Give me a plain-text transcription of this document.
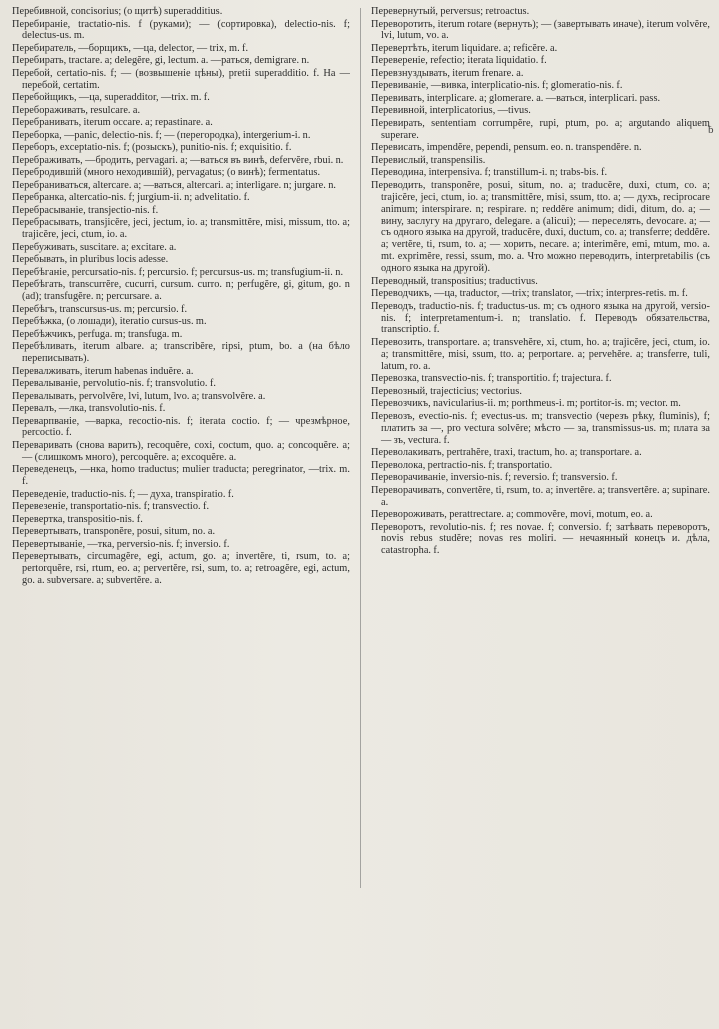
Перебивной, concisorius; (о щитѣ) superadditius.

Перебиранiе, tractatio-nis. f (руками); — (сортировка), delectio-nis. f; delectus-us. m.

Перебиратель, —борщикъ, —ца, delector, — trix, m. f.

Перебирать, tractare. a; delegĕre, gi, lectum. a. —раться, demigrare. n.

Перебой, certatio-nis. f; — (возвышенiе цѣны), pretii superadditio. f. На — перебой, certatim.

Перебойщикъ, —ца, superadditor, —trix. m. f.

Перебораживать, resulcare. a.

Перебранивать, iterum occare. a; repastinare. a.

Переборка, —panic, delectio-nis. f; — (перегородка), intergerium-i. n.

Переборъ, exceptatio-nis. f; (розыскъ), punitio-nis. f; exquisitio. f.

Перебраживать, —бродить, pervagari. a; —ваться въ винѣ, defervĕre, rbui. n.

Перебродившiй (много неходившiй), pervagatus; (о винѣ); fermentatus.

Перебраниваться, altercare. a; —ваться, altercari. a; interligare. n; jurgare. n.

Перебранка, altercatio-nis. f; jurgium-ii. n; advelitatio. f.

Перебрасыванiе, transjectio-nis. f.

Перебрасывать, transjicĕre, jeci, jectum, io. a; transmittĕre, misi, missum, tto. a; trajicĕre, jeci, ctum, io. a.

Перебуживать, suscitare. a; excitare. a.

Перебывать, in pluribus locis adesse.

Перебѣганiе, percursatio-nis. f; percursio. f; percursus-us. m; transfugium-ii. n.

Перебѣгать, transcurrĕre, cucurri, cursum. curro. n; perfugĕre, gi, gitum, go. n (ad); transfugĕre. n; percursare. a.

Перебѣгъ, transcursus-us. m; percursio. f.

Перебѣжка, (о лошади), iteratio cursus-us. m.

Перебѣжчикъ, perfuga. m; transfuga. m.

Перебѣливать, iterum albare. a; transcribĕre, ripsi, ptum, bo. a (на бѣло переписывать).

Перевалживать, iterum habenas induĕre. a.

Перевалыванiе, pervolutio-nis. f; transvolutio. f.

Перевалывать, pervolvĕre, lvi, lutum, lvo. a; transvolvĕre. a.

Перевалъ, —лка, transvolutio-nis. f.

Переварпванiе, —варка, recoctio-nis. f; iterata coctio. f; — чрезмѣрное, percoctio. f.

Переваривать (снова варить), recoquĕre, coxi, coctum, quo. a; concoquĕre. a; — (слишкомъ много), percoquĕre. a; excoquĕre. a.

Переведенецъ, —нка, homo traductus; mulier traducta; peregrinator, —trix. m. f.

Переведенiе, traductio-nis. f; — духа, transpiratio. f.

Перевезенiе, transportatio-nis. f; transvectio. f.

Перевертка, transpositio-nis. f.

Перевертывать, transponĕre, posui, situm, no. a.

Перевертыванiе, —тка, perversio-nis. f; inversio. f.

Перевертывать, circumagĕre, egi, actum, go. a; invertĕre, ti, rsum, to. a; pertorquĕre, rsi, rtum, eo. a; pervertĕre, rsi, sum, to. a; retroagĕre, egi, actum, go. a. subversare. a; subvertĕre. a.

Перевернутый, perversus; retroactus.

Переворотить, iterum rotare (вернуть); — (завертывать иначе), iterum volvĕre, lvi, lutum, vo. a.

Перевертѣть, iterum liquidare. a; reficĕre. a.

Переверенiе, refectio; iterata liquidatio. f.

Перевзнуздывать, iterum frenare. a.

Перевиванiе, —вивка, interplicatio-nis. f; glomeratio-nis. f.

Перевивать, interplicare. a; glomerare. a. —ваться, interplicari. pass.

Перевивной, interplicatorius, —tivus.

Перевирать, sententiam corrumpĕre, rupi, ptum, po. a; argutando aliquem superare.

Перевисать, impendĕre, pependi, pensum. eo. n. transpendĕre. n.

Перевислый, transpensilis.

Переводина, interpensiva. f; transtillum-i. n; trabs-bis. f.

Переводить, transponĕre, posui, situm, no. a; traducĕre, duxi, ctum, co. a; trajicĕre, jeci, ctum, io. a; transmittĕre, misi, ssum, tto. a; — духъ, reciprocare animum; interspirare. n; respirare. n; reddĕre animum; didi, ditum, do. a; — вину, заслугу на другаго, delegare. a (alicui); — переселять, devocare. a; — съ одного языка на другой, traducĕre, duxi, ductum, co. a; transferre; deddĕre. a; vertĕre, ti, rsum, to. a; — хорить, necare. a; interimĕre, emi, mtum, mo. a. mt. exprimĕre, ressi, ssum, mo. a. Что можно переводить, interpretabilis (съ одного языка на другой).

Переводный, transpositius; traductivus.

Переводчикъ, —ца, traductor, —trix; translator, —trix; interpres-retis. m. f.

Переводъ, traductio-nis. f; traductus-us. m; съ одного языка на другой, versio-nis. f; interpretamentum-i. n; translatio. f. Переводъ обязательства, transcriptio. f.

Перевозить, transportare. a; transvehĕre, xi, ctum, ho. a; trajicĕre, jeci, ctum, io. a; transmittĕre, misi, ssum, tto. a; perportare. a; pervehĕre. a; transferre, tuli, latum, ro. a.

Перевозка, transvectio-nis. f; transportitio. f; trajectura. f.

Перевозный, trajecticius; vectorius.

Перевозчикъ, navicularius-ii. m; porthmeus-i. m; portitor-is. m; vector. m.

Перевозъ, evectio-nis. f; evectus-us. m; transvectio (черезъ рѣку, fluminis), f; платить за —, pro vectura solvĕre; мѣсто — за, transmissus-us. m; плата за — зъ, vectura. f.

Переволакивать, pertrahĕre, traxi, tractum, ho. a; transportare. a.

Переволока, pertractio-nis. f; transportatio.

Переворачиванiе, inversio-nis. f; reversio. f; transversio. f.

Переворачивать, convertĕre, ti, rsum, to. a; invertĕre. a; transvertĕre. a; supinare. a.

Перевороживать, perattrectare. a; commovĕre, movi, motum, eo. a.

Переворотъ, revolutio-nis. f; res novae. f; conversio. f; затѣвать переворотъ, novis rebus studĕre; novas res moliri. — нечаянный конецъ и. дѣла, catastropha. f.

ƀ
